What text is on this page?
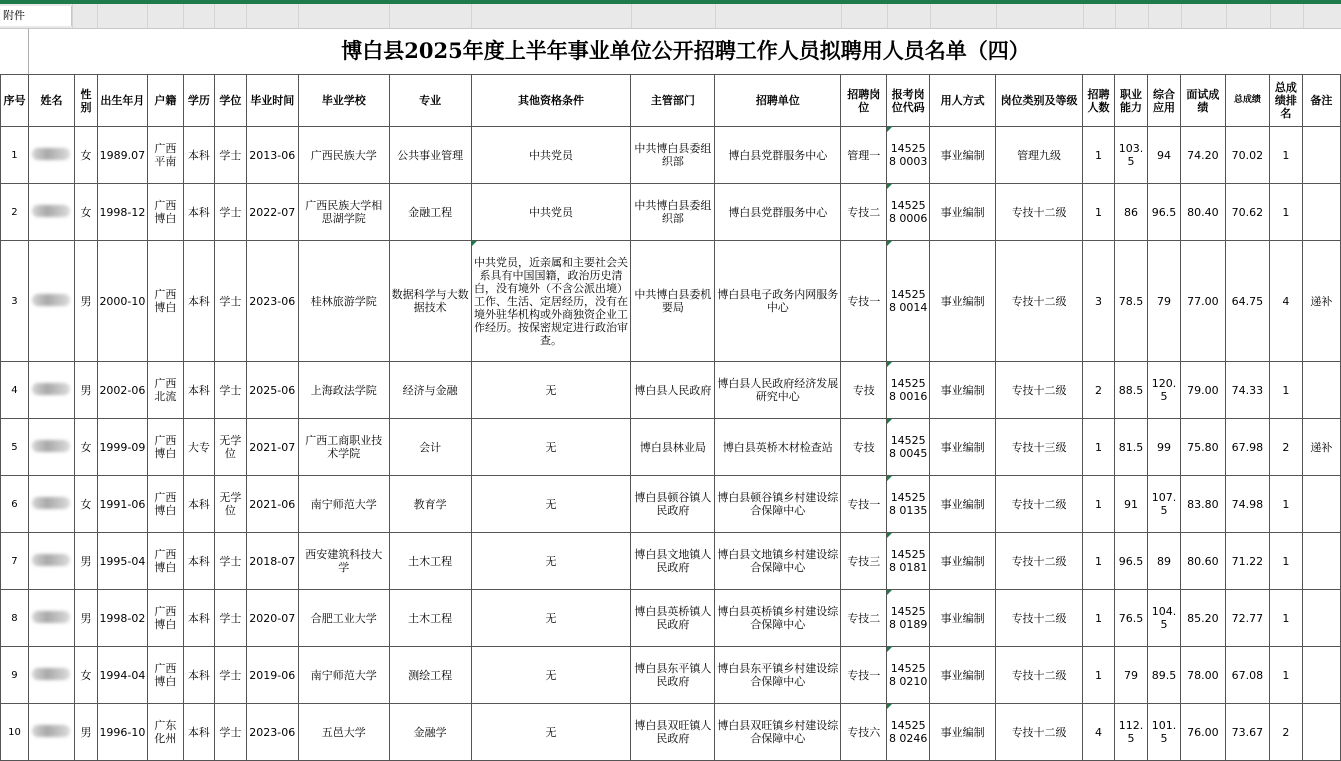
附件
博白县2025年度上半年事业单位公开招聘工作人员拟聘用人员名单（四）
序号	姓名	性别	出生年月	户籍	学历	学位	毕业时间	毕业学校	专业	其他资格条件	主管部门	招聘单位	招聘岗位	报考岗位代码	用人方式	岗位类别及等级	招聘人数	职业能力	综合应用	面试成绩	总成绩	总成绩排名	备注
1		女	1989.07	广西平南	本科	学士	2013-06	广西民族大学	公共事业管理	中共党员	中共博白县委组织部	博白县党群服务中心	管理一	145258 0003	事业编制	管理九级	1	103.5	94	74.20	70.02	1	
2		女	1998-12	广西博白	本科	学士	2022-07	广西民族大学相思湖学院	金融工程	中共党员	中共博白县委组织部	博白县党群服务中心	专技二	145258 0006	事业编制	专技十二级	1	86	96.5	80.40	70.62	1	
3		男	2000-10	广西博白	本科	学士	2023-06	桂林旅游学院	数据科学与大数据技术	中共党员，近亲属和主要社会关系具有中国国籍，政治历史清白，没有境外（不含公派出境）工作、生活、定居经历，没有在境外驻华机构或外商独资企业工作经历。按保密规定进行政治审查。	中共博白县委机要局	博白县电子政务内网服务中心	专技一	145258 0014	事业编制	专技十二级	3	78.5	79	77.00	64.75	4	递补
4		男	2002-06	广西北流	本科	学士	2025-06	上海政法学院	经济与金融	无	博白县人民政府	博白县人民政府经济发展研究中心	专技	145258 0016	事业编制	专技十二级	2	88.5	120.5	79.00	74.33	1	
5		女	1999-09	广西博白	大专	无学位	2021-07	广西工商职业技术学院	会计	无	博白县林业局	博白县英桥木材检查站	专技	145258 0045	事业编制	专技十三级	1	81.5	99	75.80	67.98	2	递补
6		女	1991-06	广西博白	本科	无学位	2021-06	南宁师范大学	教育学	无	博白县顿谷镇人民政府	博白县顿谷镇乡村建设综合保障中心	专技一	145258 0135	事业编制	专技十二级	1	91	107.5	83.80	74.98	1	
7		男	1995-04	广西博白	本科	学士	2018-07	西安建筑科技大学	土木工程	无	博白县文地镇人民政府	博白县文地镇乡村建设综合保障中心	专技三	145258 0181	事业编制	专技十二级	1	96.5	89	80.60	71.22	1	
8		男	1998-02	广西博白	本科	学士	2020-07	合肥工业大学	土木工程	无	博白县英桥镇人民政府	博白县英桥镇乡村建设综合保障中心	专技二	145258 0189	事业编制	专技十二级	1	76.5	104.5	85.20	72.77	1	
9		女	1994-04	广西博白	本科	学士	2019-06	南宁师范大学	测绘工程	无	博白县东平镇人民政府	博白县东平镇乡村建设综合保障中心	专技一	145258 0210	事业编制	专技十二级	1	79	89.5	78.00	67.08	1	
10		男	1996-10	广东化州	本科	学士	2023-06	五邑大学	金融学	无	博白县双旺镇人民政府	博白县双旺镇乡村建设综合保障中心	专技六	145258 0246	事业编制	专技十二级	4	112.5	101.5	76.00	73.67	2	
